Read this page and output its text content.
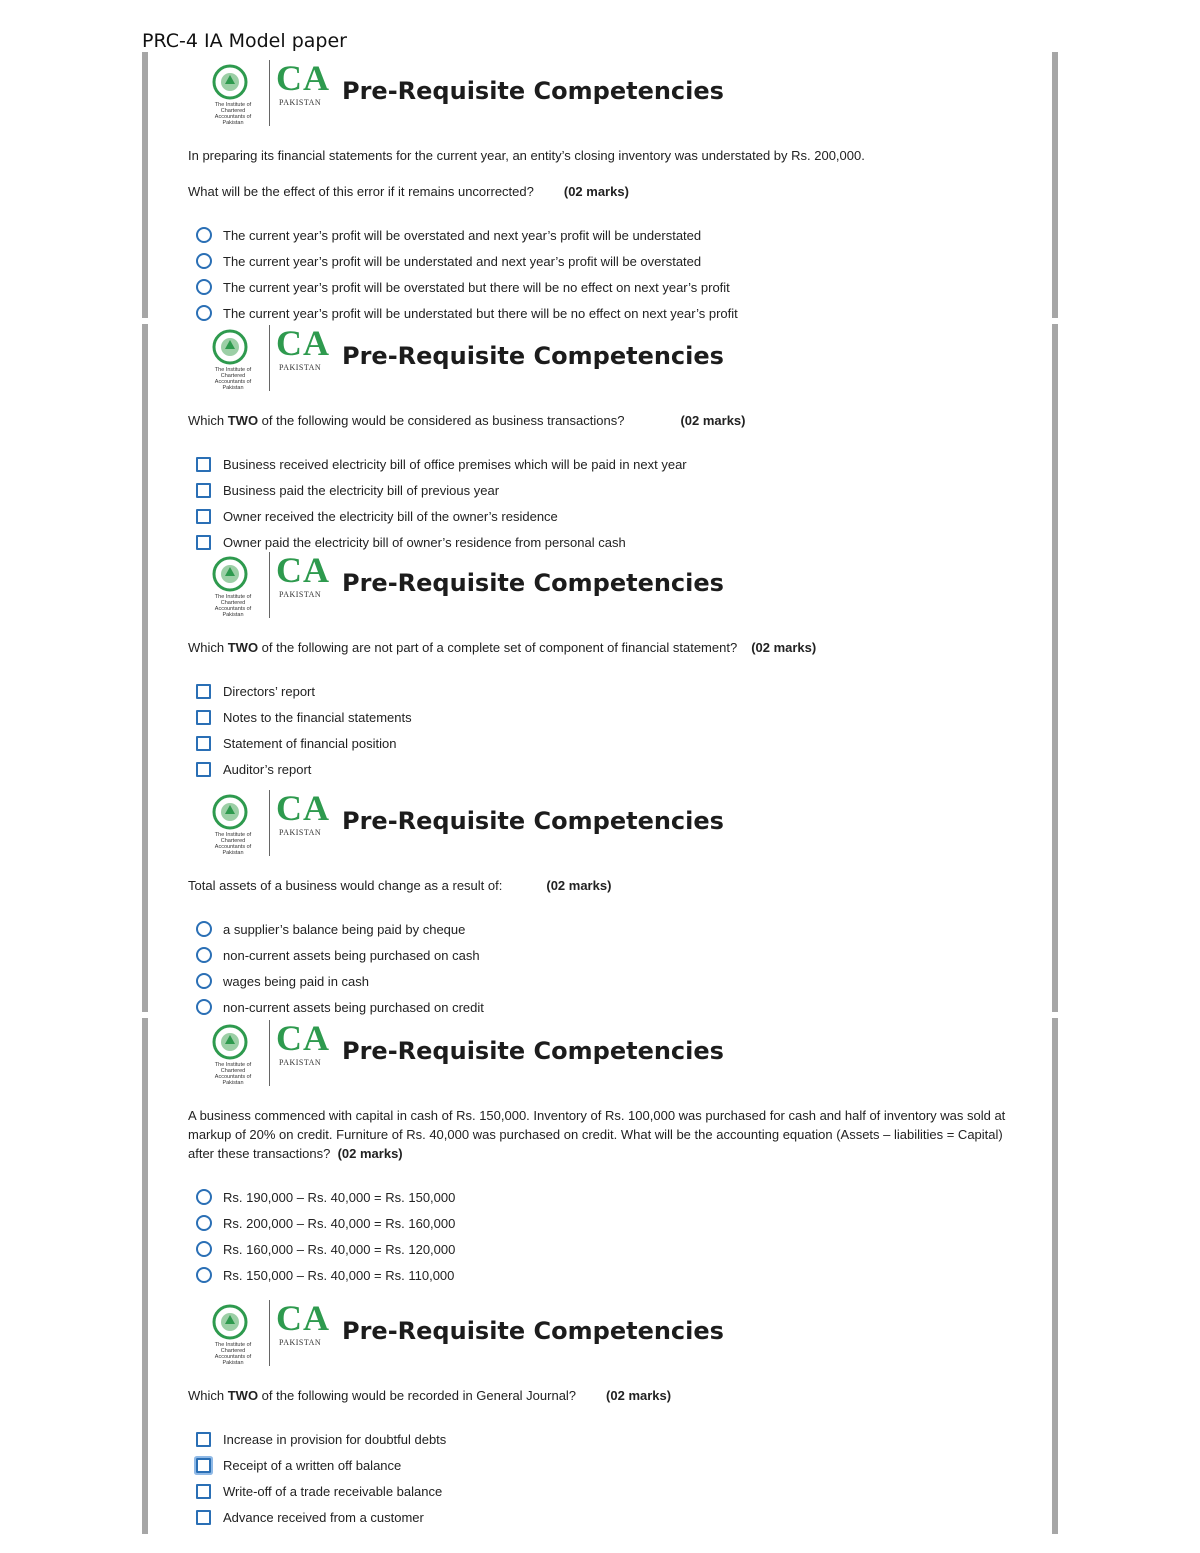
PRC-4 IA Model paper
The Institute of Chartered Accountants of Pakistan
CA
PAKISTAN Pre-Requisite Competencies
In preparing its financial statements for the current year, an entity’s closing inventory was understated by Rs. 200,000.
What will be the effect of this error if it remains uncorrected? (02 marks)
The current year’s profit will be overstated and next year’s profit will be understated
The current year’s profit will be understated and next year’s profit will be overstated
The current year’s profit will be overstated but there will be no effect on next year’s profit
The current year’s profit will be understated but there will be no effect on next year’s profit
The Institute of Chartered Accountants of Pakistan
CA
PAKISTAN Pre-Requisite Competencies
Which TWO of the following would be considered as business transactions?	(02 marks)
Business received electricity bill of office premises which will be paid in next year
Business paid the electricity bill of previous year
Owner received the electricity bill of the owner’s residence
Owner paid the electricity bill of owner’s residence from personal cash
The Institute of Chartered Accountants of Pakistan
CA
PAKISTAN Pre-Requisite Competencies
Which TWO of the following are not part of a complete set of component of financial statement? (02 marks)
Directors’ report
Notes to the financial statements
Statement of financial position
Auditor’s report
The Institute of Chartered Accountants of Pakistan
CA
PAKISTAN Pre-Requisite Competencies
Total assets of a business would change as a result of:	(02 marks)
a supplier’s balance being paid by cheque
non-current assets being purchased on cash
wages being paid in cash
non-current assets being purchased on credit
The Institute of Chartered Accountants of Pakistan
CA
PAKISTAN Pre-Requisite Competencies
A business commenced with capital in cash of Rs. 150,000. Inventory of Rs. 100,000 was purchased for cash and half of inventory was sold at markup of 20% on credit. Furniture of Rs. 40,000 was purchased on credit. What will be the accounting equation (Assets – liabilities = Capital) after these transactions? (02 marks)
Rs. 190,000 – Rs. 40,000 = Rs. 150,000
Rs. 200,000 – Rs. 40,000 = Rs. 160,000
Rs. 160,000 – Rs. 40,000 = Rs. 120,000
Rs. 150,000 – Rs. 40,000 = Rs. 110,000
The Institute of Chartered Accountants of Pakistan
CA
PAKISTAN Pre-Requisite Competencies
Which TWO of the following would be recorded in General Journal? (02 marks)
Increase in provision for doubtful debts
Receipt of a written off balance
Write-off of a trade receivable balance
Advance received from a customer
